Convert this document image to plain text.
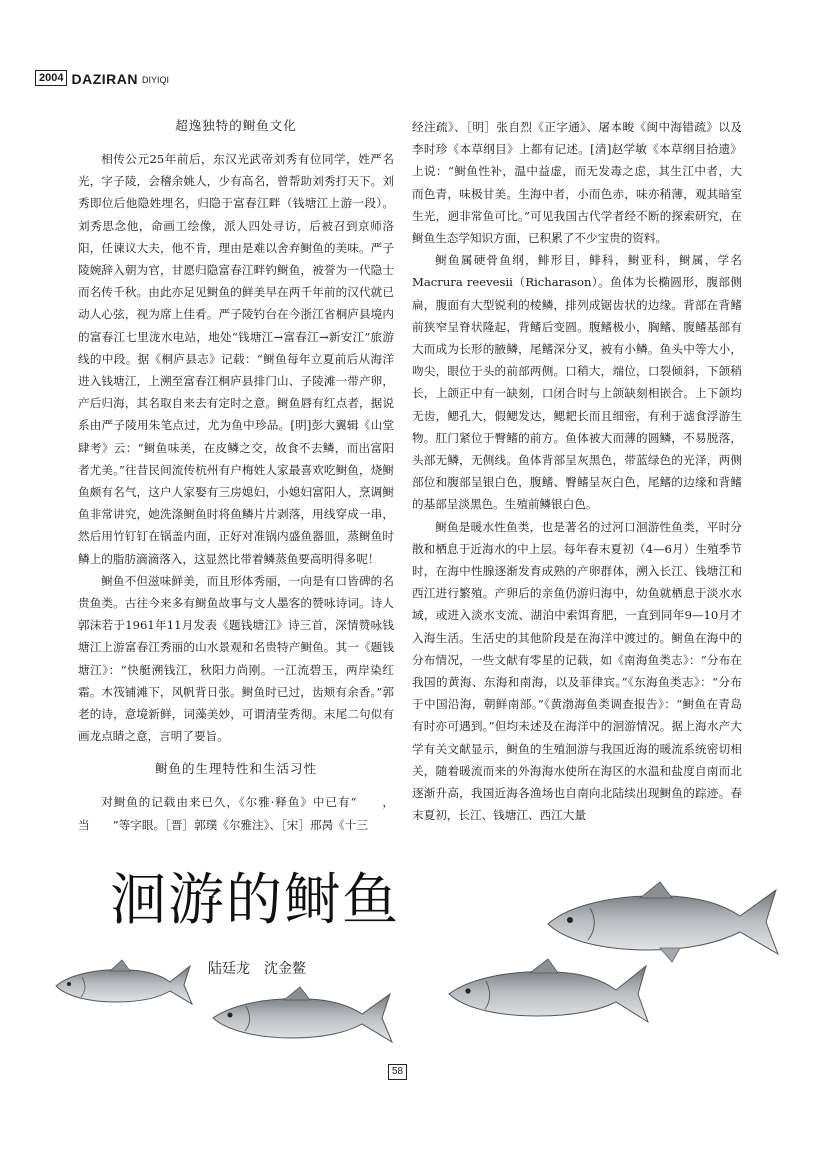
2004 DAZIRAN DIYIQI
超逸独特的鲥鱼文化

相传公元25年前后，东汉光武帝刘秀有位同学，姓严名光，字子陵，会稽余姚人，少有高名，曾帮助刘秀打天下。刘秀即位后他隐姓埋名，归隐于富春江畔（钱塘江上游一段）。刘秀思念他，命画工绘像，派人四处寻访，后被召到京师洛阳，任谏议大夫，他不肯，理由是难以舍弃鲥鱼的美味。严子陵婉辞入朝为官，甘愿归隐富春江畔钓鲥鱼，被誉为一代隐士而名传千秋。由此亦足见鲥鱼的鲜美早在两千年前的汉代就已动人心弦，视为席上佳肴。严子陵钓台在今浙江省桐庐县境内的富春江七里泷水电站，地处“钱塘江→富春江→新安江”旅游线的中段。据《桐庐县志》记载：“鲥鱼每年立夏前后从海洋进入钱塘江，上溯至富春江桐庐县排门山、子陵滩一带产卵，产后归海，其名取自来去有定时之意。鲥鱼唇有红点者，据说系由严子陵用朱笔点过，尤为鱼中珍品。[明]彭大翼辑《山堂肆考》云：“鲥鱼味美，在皮鳞之交，故食不去鳞，而出富阳者尤美。”往昔民间流传杭州有户梅姓人家最喜欢吃鲥鱼，烧鲥鱼颇有名气，这户人家娶有三房媳妇，小媳妇富阳人，烹调鲥鱼非常讲究，她洗涤鲥鱼时将鱼鳞片片剥落，用线穿成一串，然后用竹钉钉在锅盖内面，正好对准锅内盛鱼器皿，蒸鲥鱼时鳞上的脂肪滴滴落入，这显然比带着鳞蒸鱼要高明得多呢！

鲥鱼不但滋味鲜美，而且形体秀丽，一向是有口皆碑的名贵鱼类。古往今来多有鲥鱼故事与文人墨客的赞咏诗词。诗人郭沫若于1961年11月发表《题钱塘江》诗三首，深情赞咏钱塘江上游富春江秀丽的山水景观和名贵特产鲥鱼。其一《题钱塘江》：“快艇溯钱江，秋阳力尚刚。一江流碧玉，两岸染红霜。木筏铺滩下，风帆背日张。鲥鱼时已过，齿颊有余香。”郭老的诗，意境新鲜，词藻美妙，可谓清莹秀彻。末尾二句似有画龙点睛之意，言明了要旨。

鲥鱼的生理特性和生活习性

对鲥鱼的记载由来已久，《尔雅·释鱼》中已有“　　，当　　”等字眼。［晋］郭璞《尔雅注》、［宋］邢昺《十三

经注疏》、［明］张自烈《正字通》、屠本畯《闽中海错疏》以及李时珍《本草纲目》上都有记述。[清]赵学敏《本草纲目拾遗》上说：“鲥鱼性补，温中益虚，而无发毒之虑，其生江中者，大而色青，味极甘美。生海中者，小而色赤，味亦稍薄，观其暗室生光，迥非常鱼可比。”可见我国古代学者经不断的探索研究，在鲥鱼生态学知识方面，已积累了不少宝贵的资料。

鲥鱼属硬骨鱼纲，鲱形目，鲱科，鲥亚科，鲥属，学名Macrura reevesii（Richarason）。鱼体为长椭圆形，腹部侧扁，腹面有大型锐利的棱鳞，排列成锯齿状的边缘。背部在背鳍前狭窄呈脊状隆起，背鳍后变圆。腹鳍极小，胸鳍、腹鳍基部有大而成为长形的腋鳞，尾鳍深分叉，被有小鳞。鱼头中等大小，吻尖，眼位于头的前部两侧。口稍大，端位，口裂倾斜，下颌稍长，上颌正中有一缺刻，口闭合时与上颌缺刻相嵌合。上下颌均无齿，鳃孔大，假鳃发达，鳃耙长而且细密，有利于滤食浮游生物。肛门紧位于臀鳍的前方。鱼体被大而薄的圆鳞，不易脱落，头部无鳞，无侧线。鱼体背部呈灰黑色，带蓝绿色的光泽，两侧部位和腹部呈银白色，腹鳍、臀鳍呈灰白色，尾鳍的边缘和背鳍的基部呈淡黑色。生殖前鳞银白色。

鲥鱼是暖水性鱼类，也是著名的过河口洄游性鱼类，平时分散和栖息于近海水的中上层。每年春末夏初（4—6月）生殖季节时，在海中性腺逐渐发育成熟的产卵群体，溯入长江、钱塘江和西江进行繁殖。产卵后的亲鱼仍游归海中，幼鱼就栖息于淡水水域，或进入淡水支流、湖泊中索饵育肥，一直到同年9—10月才入海生活。生活史的其他阶段是在海洋中渡过的。鲥鱼在海中的分布情况，一些文献有零星的记载，如《南海鱼类志》：“分布在我国的黄海、东海和南海，以及菲律宾。”《东海鱼类志》：“分布于中国沿海，朝鲜南部。”《黄渤海鱼类调查报告》：“鲥鱼在青岛有时亦可遇到。”但均未述及在海洋中的洄游情况。据上海水产大学有关文献显示，鲥鱼的生殖洄游与我国近海的暖流系统密切相关，随着暖流而来的外海海水使所在海区的水温和盐度自南而北逐渐升高，我国近海各渔场也自南向北陆续出现鲥鱼的踪迹。春末夏初，长江、钱塘江、西江大量

洄游的鲥鱼
陆廷龙　沈金鳌
58
